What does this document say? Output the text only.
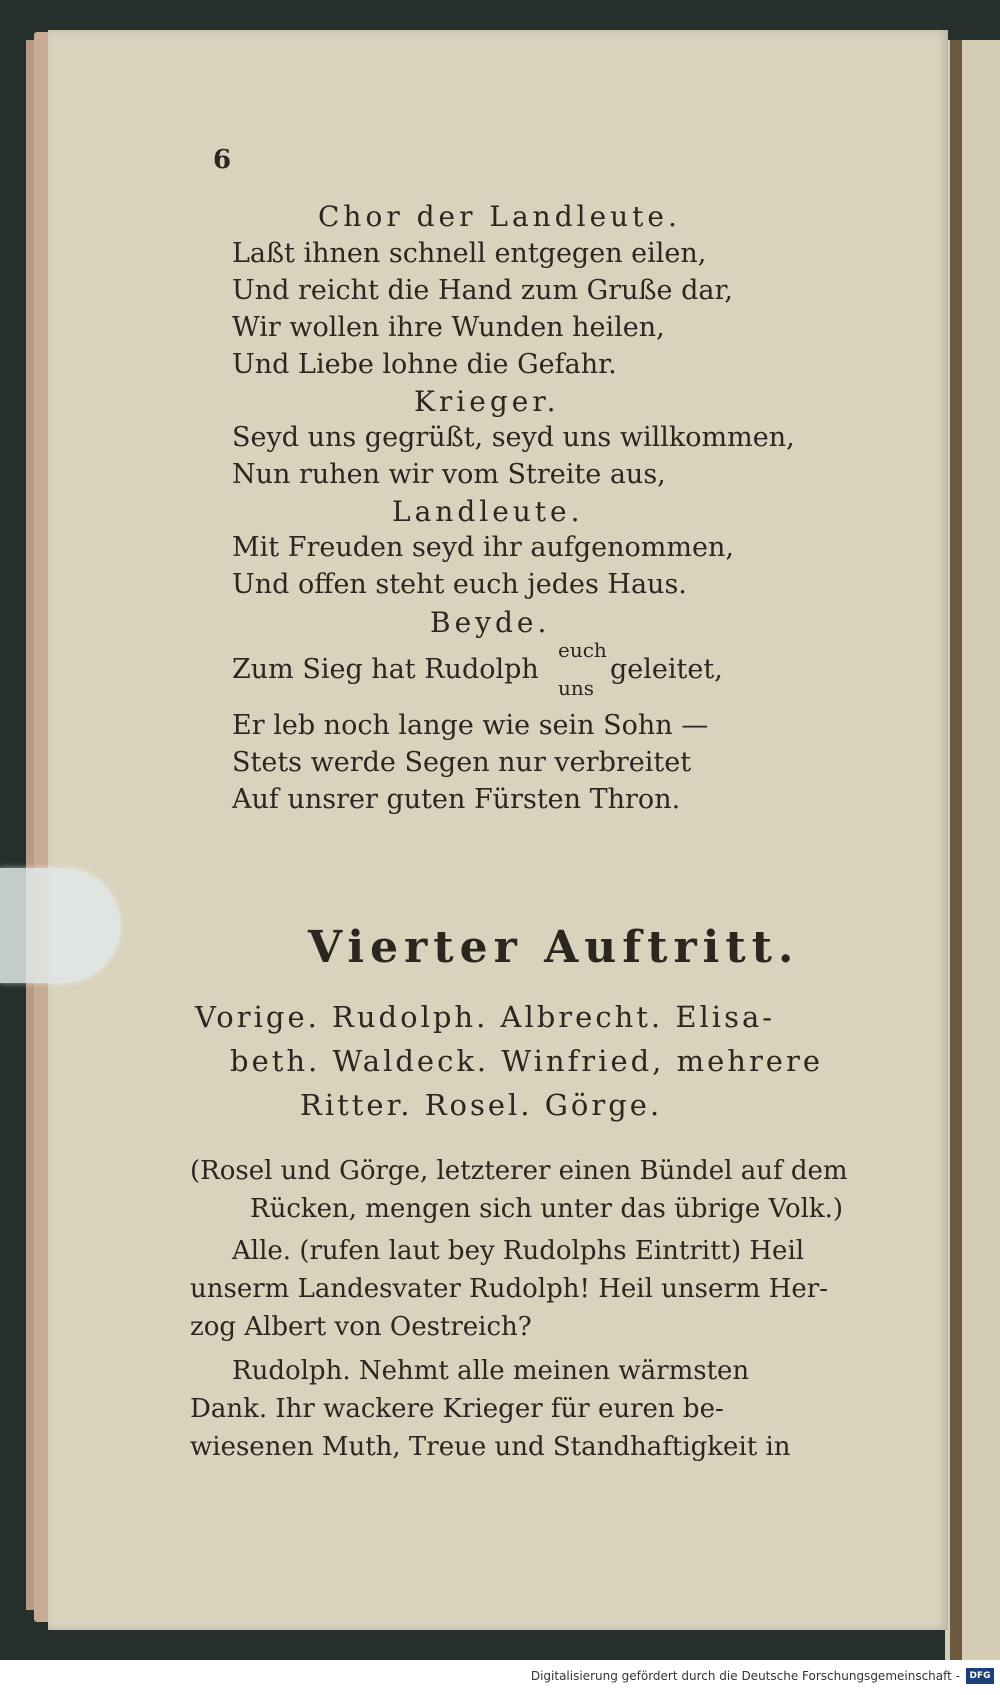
6
Chor der Landleute.
Laßt ihnen schnell entgegen eilen,
Und reicht die Hand zum Gruße dar,
Wir wollen ihre Wunden heilen,
Und Liebe lohne die Gefahr.
Krieger.
Seyd uns gegrüßt, seyd uns willkommen,
Nun ruhen wir vom Streite aus,
Landleute.
Mit Freuden seyd ihr aufgenommen,
Und offen steht euch jedes Haus.
Beyde.
Zum Sieg hat Rudolph
euch
uns
geleitet,
Er leb noch lange wie sein Sohn —
Stets werde Segen nur verbreitet
Auf unsrer guten Fürsten Thron.
Vierter Auftritt.
Vorige. Rudolph. Albrecht. Elisa-
beth. Waldeck. Winfried, mehrere
Ritter. Rosel. Görge.
(Rosel und Görge, letzterer einen Bündel auf dem
Rücken, mengen sich unter das übrige Volk.)
Alle. (rufen laut bey Rudolphs Eintritt) Heil
unserm Landesvater Rudolph! Heil unserm Her-
zog Albert von Oestreich?
Rudolph. Nehmt alle meinen wärmsten
Dank. Ihr wackere Krieger für euren be-
wiesenen Muth, Treue und Standhaftigkeit in
Digitalisierung gefördert durch die Deutsche Forschungsgemeinschaft -	DFG
